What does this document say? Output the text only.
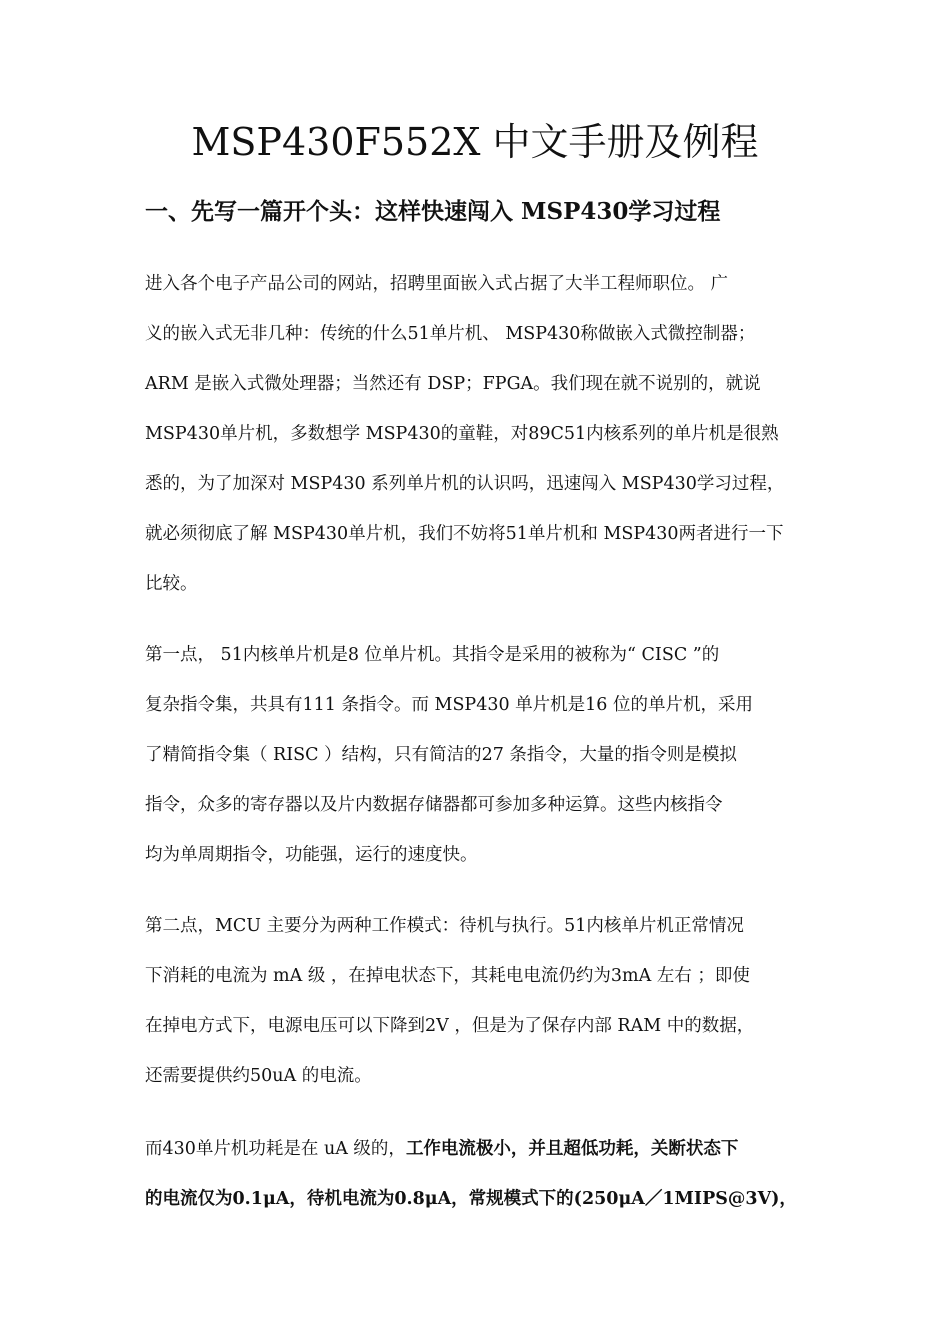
MSP430F552X 中文手册及例程
一、先写一篇开个头：这样快速闯入 MSP430学习过程

进入各个电子产品公司的网站，招聘里面嵌入式占据了大半工程师职位。 广

义的嵌入式无非几种：传统的什么51单片机、 MSP430称做嵌入式微控制器；

ARM 是嵌入式微处理器；当然还有 DSP；FPGA。我们现在就不说别的，就说

MSP430单片机，多数想学 MSP430的童鞋，对89C51内核系列的单片机是很熟

悉的，为了加深对 MSP430 系列单片机的认识吗，迅速闯入 MSP430学习过程，

就必须彻底了解 MSP430单片机，我们不妨将51单片机和 MSP430两者进行一下

比较。

第一点， 51内核单片机是8 位单片机。其指令是采用的被称为“ CISC ”的

复杂指令集，共具有111 条指令。而 MSP430 单片机是16 位的单片机，采用

了精简指令集（ RISC ）结构，只有简洁的27 条指令，大量的指令则是模拟

指令，众多的寄存器以及片内数据存储器都可参加多种运算。这些内核指令

均为单周期指令，功能强，运行的速度快。

第二点，MCU 主要分为两种工作模式：待机与执行。51内核单片机正常情况

下消耗的电流为 mA 级 ，在掉电状态下，其耗电电流仍约为3mA 左右 ；即使

在掉电方式下，电源电压可以下降到2V ，但是为了保存内部 RAM 中的数据，

还需要提供约50uA 的电流。

而430单片机功耗是在 uA 级的，工作电流极小，并且超低功耗，关断状态下

的电流仅为0.1μA，待机电流为0.8μA，常规模式下的(250μA／1MIPS@3V)，
